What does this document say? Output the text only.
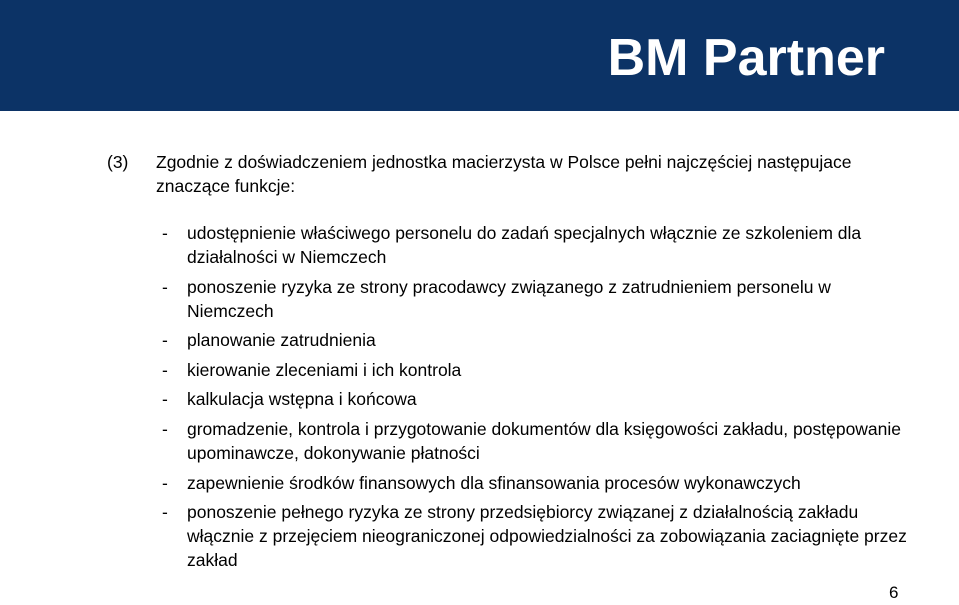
BM Partner
(3) Zgodnie z doświadczeniem jednostka macierzysta w Polsce pełni najczęściej następujace znaczące funkcje:
- udostępnienie właściwego personelu do zadań specjalnych włącznie ze szkoleniem dla działalności w Niemczech
- ponoszenie ryzyka ze strony pracodawcy związanego z zatrudnieniem personelu w Niemczech
- planowanie zatrudnienia
- kierowanie zleceniami i ich kontrola
- kalkulacja wstępna i końcowa
- gromadzenie, kontrola i przygotowanie dokumentów dla księgowości zakładu, postępowanie upominawcze, dokonywanie płatności
- zapewnienie środków finansowych dla sfinansowania procesów wykonawczych
- ponoszenie pełnego ryzyka ze strony przedsiębiorcy związanej z działalnością zakładu włącznie z przejęciem nieograniczonej odpowiedzialności za zobowiązania zaciagnięte przez zakład
6
